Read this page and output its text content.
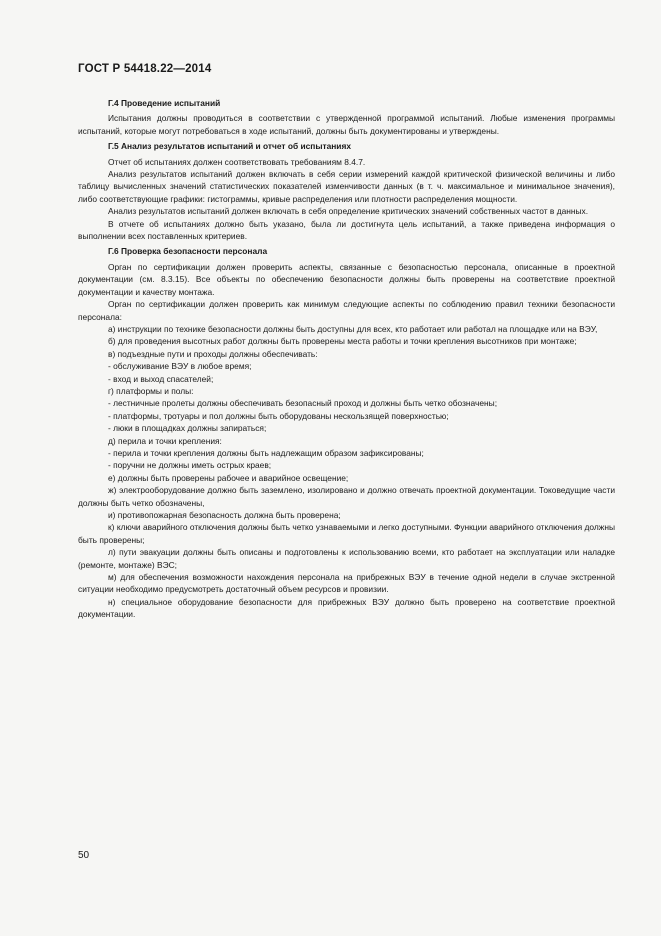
ГОСТ Р 54418.22—2014
Г.4 Проведение испытаний

Испытания должны проводиться в соответствии с утвержденной программой испытаний. Любые изменения программы испытаний, которые могут потребоваться в ходе испытаний, должны быть документированы и утверждены.

Г.5 Анализ результатов испытаний и отчет об испытаниях

Отчет об испытаниях должен соответствовать требованиям 8.4.7.

Анализ результатов испытаний должен включать в себя серии измерений каждой критической физической величины и либо таблицу вычисленных значений статистических показателей изменчивости данных (в т. ч. максимальное и минимальное значения), либо соответствующие графики: гистограммы, кривые распределения или плотности распределения мощности.

Анализ результатов испытаний должен включать в себя определение критических значений собственных частот в данных.

В отчете об испытаниях должно быть указано, была ли достигнута цель испытаний, а также приведена информация о выполнении всех поставленных критериев.

Г.6 Проверка безопасности персонала

Орган по сертификации должен проверить аспекты, связанные с безопасностью персонала, описанные в проектной документации (см. 8.3.15). Все объекты по обеспечению безопасности должны быть проверены на соответствие проектной документации и качеству монтажа.

Орган по сертификации должен проверить как минимум следующие аспекты по соблюдению правил техники безопасности персонала:

а) инструкции по технике безопасности должны быть доступны для всех, кто работает или работал на площадке или на ВЭУ,

б) для проведения высотных работ должны быть проверены места работы и точки крепления высотников при монтаже;

в) подъездные пути и проходы должны обеспечивать:

- обслуживание ВЭУ в любое время;

- вход и выход спасателей;

г) платформы и полы:

- лестничные пролеты должны обеспечивать безопасный проход и должны быть четко обозначены;

- платформы, тротуары и пол должны быть оборудованы нескользящей поверхностью;

- люки в площадках должны запираться;

д) перила и точки крепления:

- перила и точки крепления должны быть надлежащим образом зафиксированы;

- поручни не должны иметь острых краев;

е) должны быть проверены рабочее и аварийное освещение;

ж) электрооборудование должно быть заземлено, изолировано и должно отвечать проектной документации. Токоведущие части должны быть четко обозначены,

и) противопожарная безопасность должна быть проверена;

к) ключи аварийного отключения должны быть четко узнаваемыми и легко доступными. Функции аварийного отключения должны быть проверены;

л) пути эвакуации должны быть описаны и подготовлены к использованию всеми, кто работает на эксплуатации или наладке (ремонте, монтаже) ВЭС;

м) для обеспечения возможности нахождения персонала на прибрежных ВЭУ в течение одной недели в случае экстренной ситуации необходимо предусмотреть достаточный объем ресурсов и провизии.

н) специальное оборудование безопасности для прибрежных ВЭУ должно быть проверено на соответствие проектной документации.

50
